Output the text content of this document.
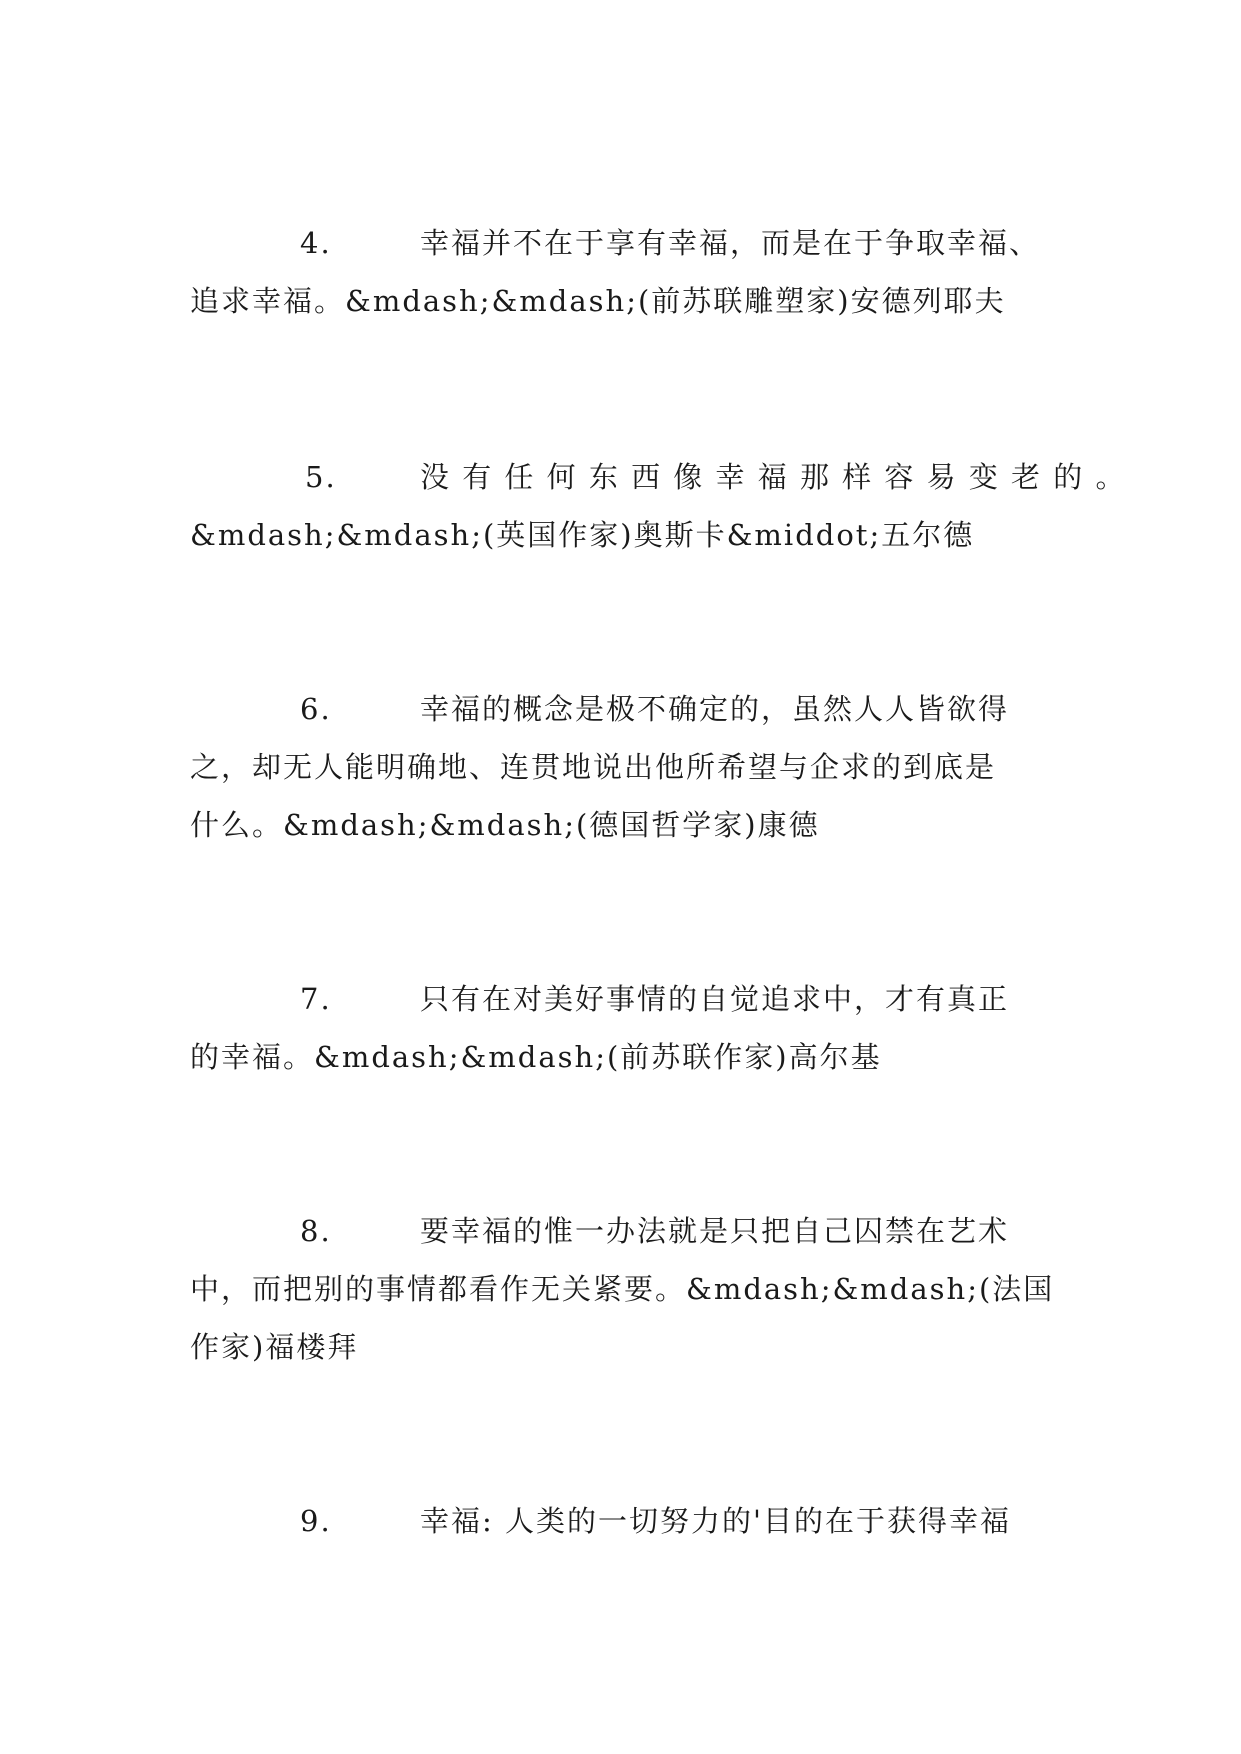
4.	幸福并不在于享有幸福，而是在于争取幸福、
追求幸福。&mdash;&mdash;(前苏联雕塑家)安德列耶夫
5.	没 有 任 何 东 西 像 幸 福 那 样 容 易 变 老 的 。
&mdash;&mdash;(英国作家)奥斯卡&middot;五尔德
6.	幸福的概念是极不确定的，虽然人人皆欲得
之，却无人能明确地、连贯地说出他所希望与企求的到底是
什么。&mdash;&mdash;(德国哲学家)康德
7.	只有在对美好事情的自觉追求中，才有真正
的幸福。&mdash;&mdash;(前苏联作家)高尔基
8.	要幸福的惟一办法就是只把自己囚禁在艺术
中，而把别的事情都看作无关紧要。&mdash;&mdash;(法国
作家)福楼拜
9.	幸福: 人类的一切努力的'目的在于获得幸福
